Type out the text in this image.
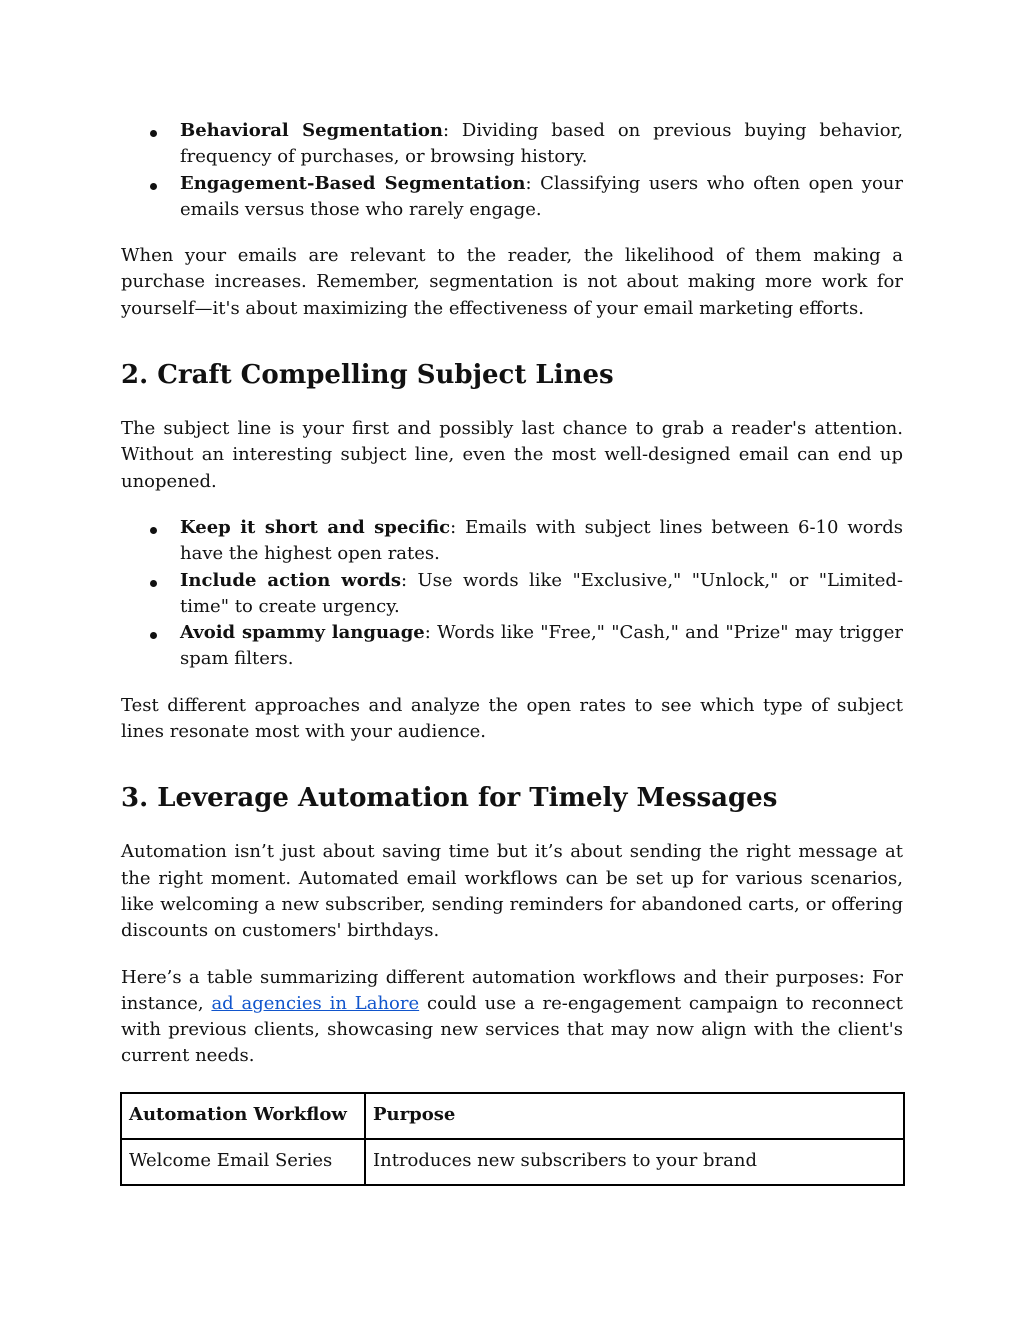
Behavioral Segmentation: Dividing based on previous buying behavior, frequency of purchases, or browsing history.
Engagement-Based Segmentation: Classifying users who often open your emails versus those who rarely engage.

When your emails are relevant to the reader, the likelihood of them making a purchase increases. Remember, segmentation is not about making more work for yourself—it's about maximizing the effectiveness of your email marketing efforts.

2. Craft Compelling Subject Lines

The subject line is your first and possibly last chance to grab a reader's attention. Without an interesting subject line, even the most well-designed email can end up unopened.

Keep it short and specific: Emails with subject lines between 6-10 words have the highest open rates.
Include action words: Use words like "Exclusive," "Unlock," or "Limited-time" to create urgency.
Avoid spammy language: Words like "Free," "Cash," and "Prize" may trigger spam filters.

Test different approaches and analyze the open rates to see which type of subject lines resonate most with your audience.

3. Leverage Automation for Timely Messages

Automation isn’t just about saving time but it’s about sending the right message at the right moment. Automated email workflows can be set up for various scenarios, like welcoming a new subscriber, sending reminders for abandoned carts, or offering discounts on customers' birthdays.

Here’s a table summarizing different automation workflows and their purposes: For instance, ad agencies in Lahore could use a re-engagement campaign to reconnect with previous clients, showcasing new services that may now align with the client's current needs.

Automation Workflow	Purpose
Welcome Email Series	Introduces new subscribers to your brand
